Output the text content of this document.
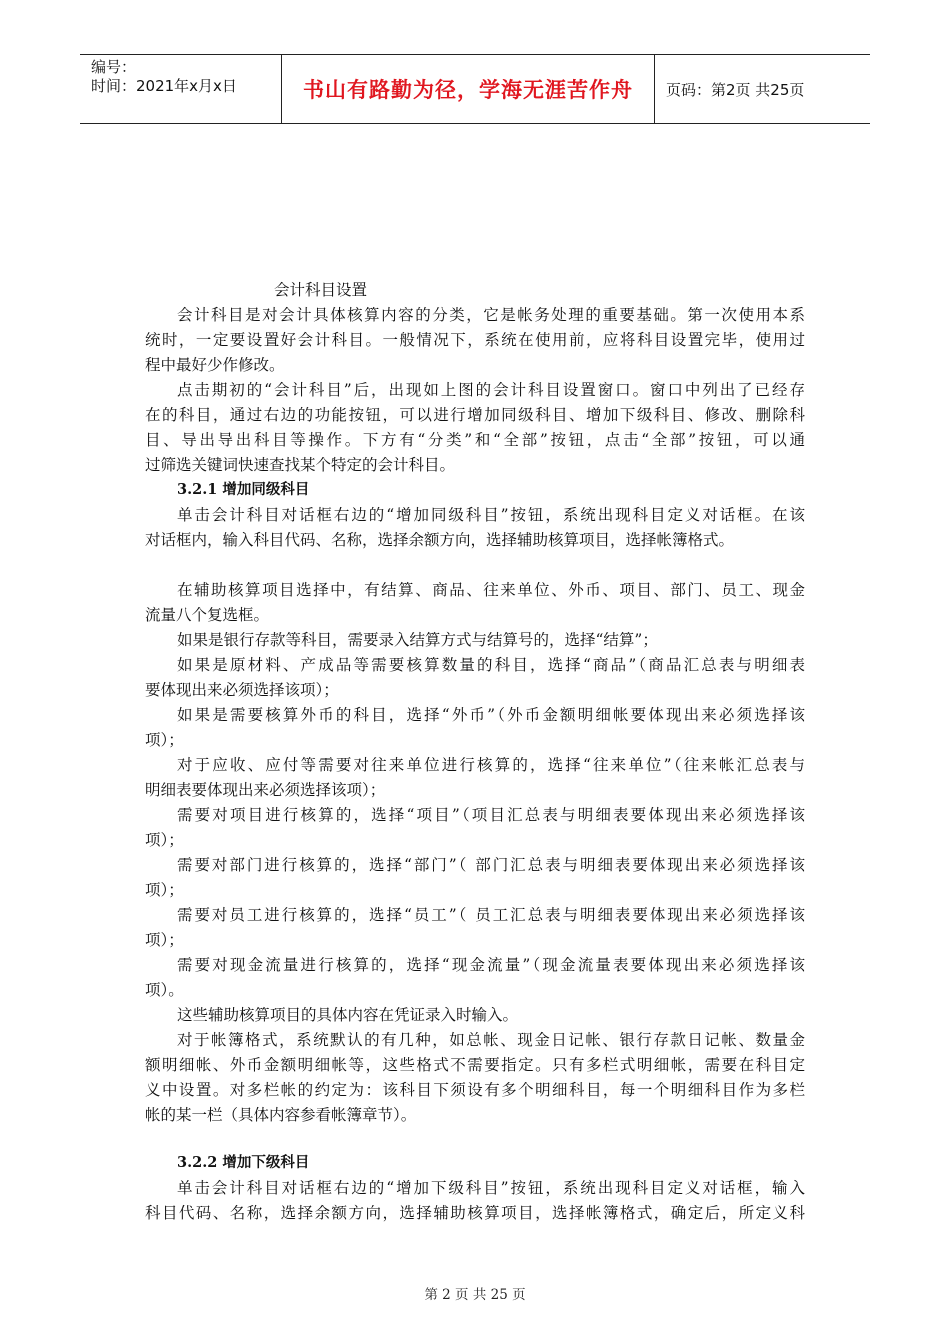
编号：
时间：2021年x月x日	书山有路勤为径，学海无涯苦作舟	页码：第2页 共25页
会计科目设置
会计科目是对会计具体核算内容的分类，它是帐务处理的重要基础。第一次使用本系
统时，一定要设置好会计科目。一般情况下，系统在使用前，应将科目设置完毕，使用过
程中最好少作修改。
点击期初的“会计科目”后，出现如上图的会计科目设置窗口。窗口中列出了已经存
在的科目，通过右边的功能按钮，可以进行增加同级科目、增加下级科目、修改、删除科
目、导出导出科目等操作。下方有“分类”和“全部”按钮，点击“全部”按钮，可以通
过筛选关键词快速查找某个特定的会计科目。
3.2.1 增加同级科目
单击会计科目对话框右边的“增加同级科目”按钮，系统出现科目定义对话框。在该
对话框内，输入科目代码、名称，选择余额方向，选择辅助核算项目，选择帐簿格式。
在辅助核算项目选择中，有结算、商品、往来单位、外币、项目、部门、员工、现金
流量八个复选框。
如果是银行存款等科目，需要录入结算方式与结算号的，选择“结算”；
如果是原材料、产成品等需要核算数量的科目，选择“商品”（商品汇总表与明细表
要体现出来必须选择该项）；
如果是需要核算外币的科目，选择“外币”（外币金额明细帐要体现出来必须选择该
项）；
对于应收、应付等需要对往来单位进行核算的，选择“往来单位”（往来帐汇总表与
明细表要体现出来必须选择该项）；
需要对项目进行核算的，选择“项目”（项目汇总表与明细表要体现出来必须选择该
项）；
需要对部门进行核算的，选择“部门”（ 部门汇总表与明细表要体现出来必须选择该
项）；
需要对员工进行核算的，选择“员工”（ 员工汇总表与明细表要体现出来必须选择该
项）；
需要对现金流量进行核算的，选择“现金流量”（现金流量表要体现出来必须选择该
项）。
这些辅助核算项目的具体内容在凭证录入时输入。
对于帐簿格式，系统默认的有几种，如总帐、现金日记帐、银行存款日记帐、数量金
额明细帐、外币金额明细帐等，这些格式不需要指定。只有多栏式明细帐，需要在科目定
义中设置。对多栏帐的约定为：该科目下须设有多个明细科目，每一个明细科目作为多栏
帐的某一栏（具体内容参看帐簿章节）。
3.2.2 增加下级科目
单击会计科目对话框右边的“增加下级科目”按钮，系统出现科目定义对话框，输入
科目代码、名称，选择余额方向，选择辅助核算项目，选择帐簿格式，确定后，所定义科
第 2 页 共 25 页
